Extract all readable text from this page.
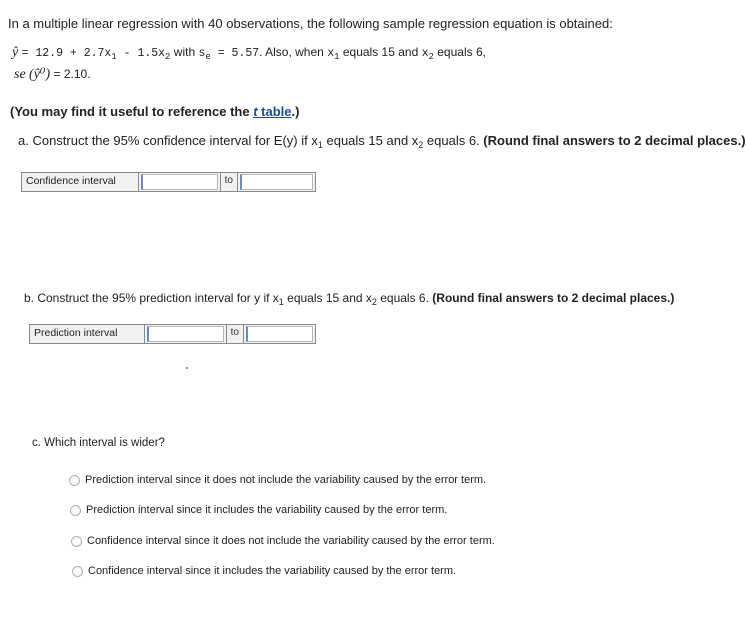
In a multiple linear regression with 40 observations, the following sample regression equation is obtained:
ŷ = $12.9 + 2.7x_1 - 1.5x_2$ with $s_e = 5.57$. Also, when $x_1$ equals 15 and $x_2$ equals 6,
se (ŷ⁰) = 2.10.
(You may find it useful to reference the t table.)
a. Construct the 95% confidence interval for E(y) if $x_1$ equals 15 and $x_2$ equals 6. (Round final answers to 2 decimal places.)
Confidence interval	to
b. Construct the 95% prediction interval for y if $x_1$ equals 15 and $x_2$ equals 6. (Round final answers to 2 decimal places.)
Prediction interval	to
c. Which interval is wider?
Prediction interval since it does not include the variability caused by the error term.
Prediction interval since it includes the variability caused by the error term.
Confidence interval since it does not include the variability caused by the error term.
Confidence interval since it includes the variability caused by the error term.
